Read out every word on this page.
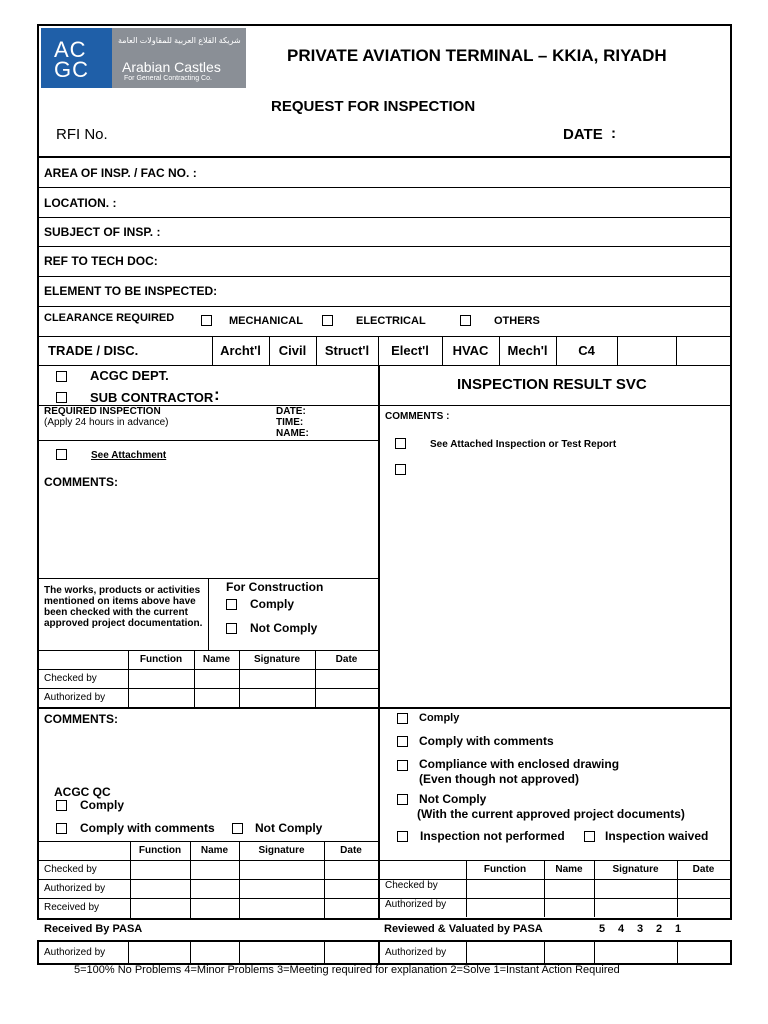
AC
GC
شريكة القلاع العربية للمقاولات العامة
Arabian Castles
For General Contracting Co.
PRIVATE AVIATION TERMINAL – KKIA, RIYADH
REQUEST FOR INSPECTION
RFI No.	DATE :
AREA OF INSP. / FAC NO. :
LOCATION. :
SUBJECT OF INSP. :
REF TO TECH DOC:
ELEMENT TO BE INSPECTED:
CLEARANCE REQUIRED	MECHANICAL	ELECTRICAL	OTHERS
TRADE / DISC.	Archt'l	Civil	Struct'l	Elect'l	HVAC	Mech'l	C4
ACGC DEPT.
SUB CONTRACTOR :
REQUIRED INSPECTION
(Apply 24 hours in advance)
DATE:
TIME:
NAME:
See Attachment
COMMENTS:
The works, products or activities mentioned on items above have been checked with the current approved project documentation.
For Construction
Comply
Not Comply
Function	Name	Signature	Date
Checked by
Authorized by
COMMENTS:
ACGC QC
Comply
Comply with comments	Not Comply
Function	Name	Signature	Date
Checked by
Authorized by
Received by
INSPECTION RESULT SVC
COMMENTS :
See Attached Inspection or Test Report
Comply
Comply with comments
Compliance with enclosed drawing
(Even though not approved)
Not Comply
(With the current approved project documents)
Inspection not performed	Inspection waived
Function	Name	Signature	Date
Checked by
Authorized by
Received By PASA	Reviewed & Valuated by PASA	5 4 3 2 1
Authorized by	Authorized by
5=100% No Problems 4=Minor Problems 3=Meeting required for explanation 2=Solve 1=Instant Action Required
